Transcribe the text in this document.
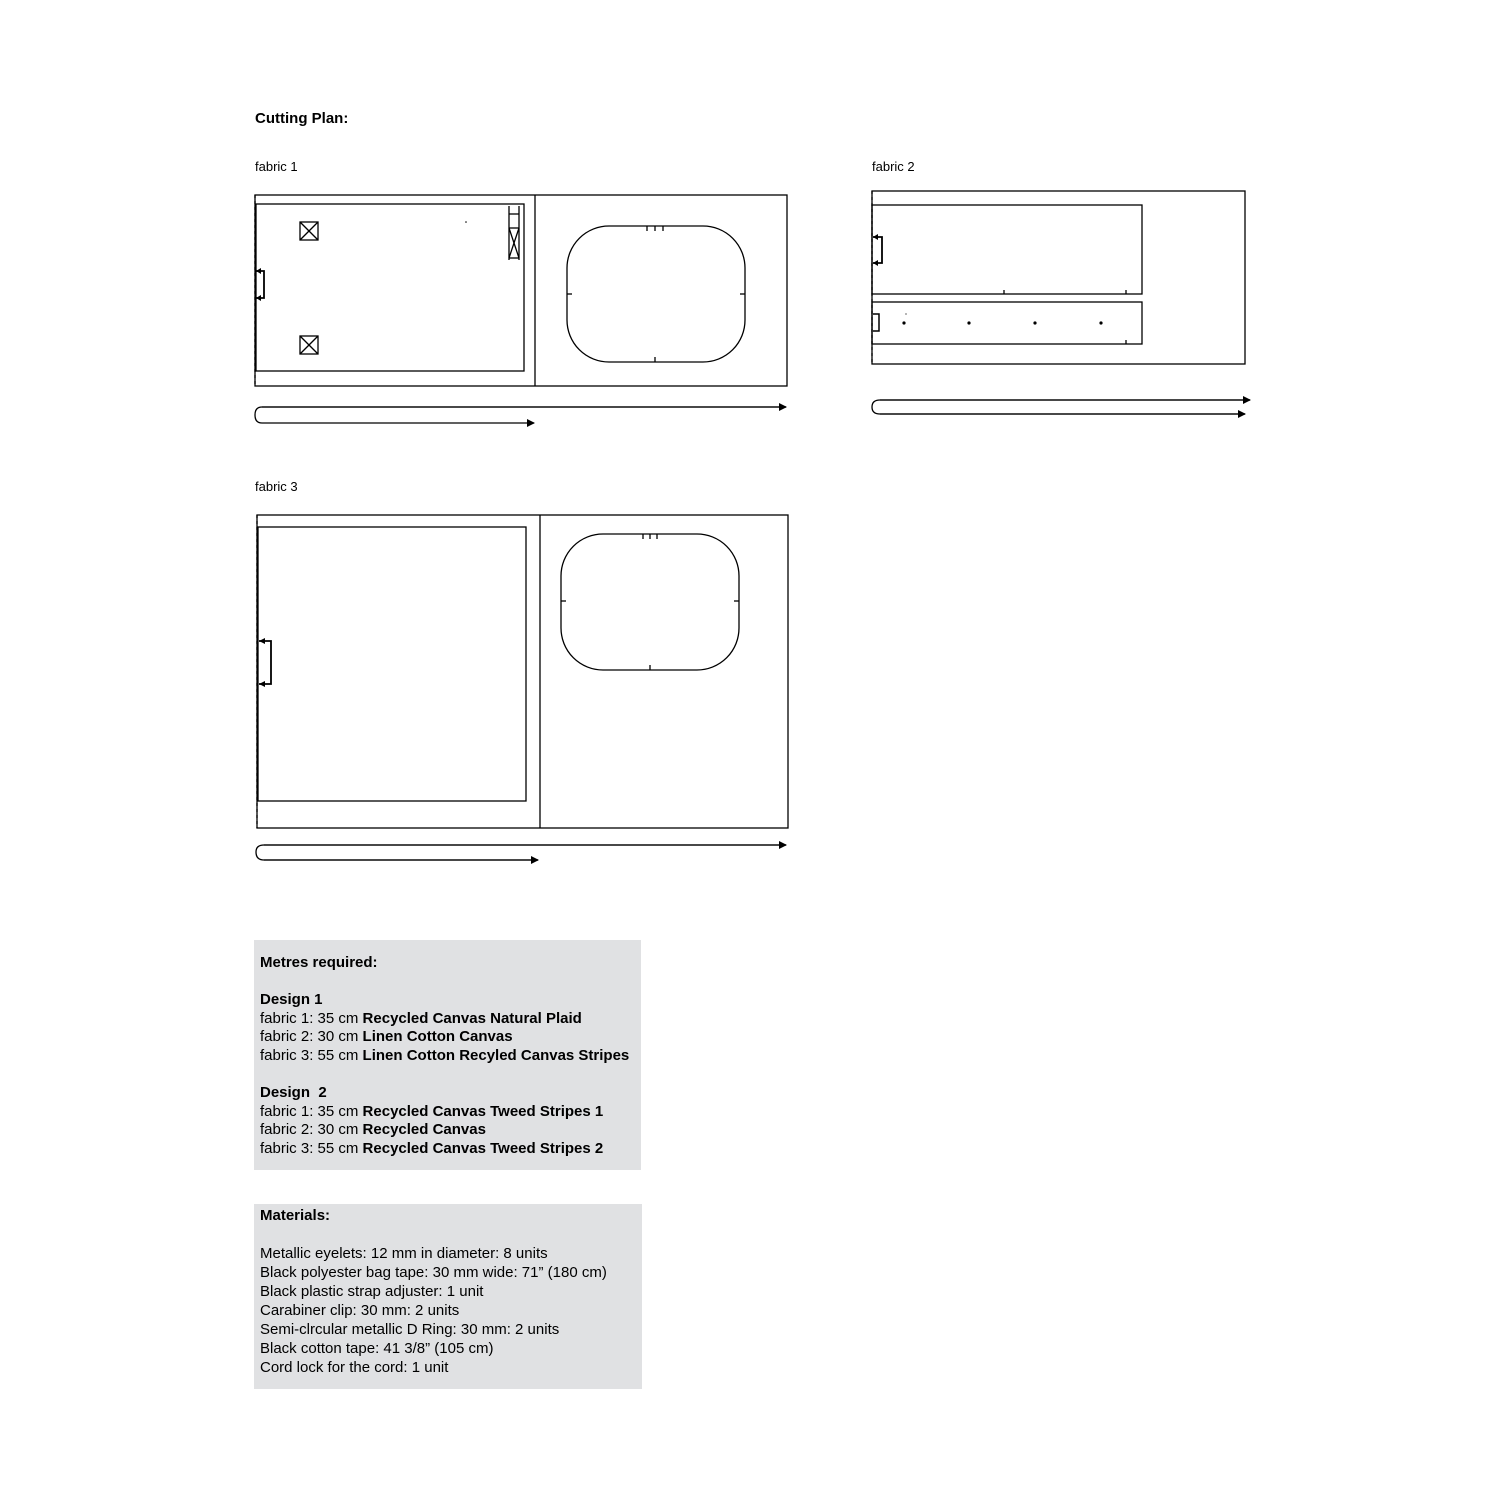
Cutting Plan:
fabric 1	fabric 2
fabric 3
Metres required:
Design 1
fabric 1: 35 cm Recycled Canvas Natural Plaid
fabric 2: 30 cm Linen Cotton Canvas
fabric 3: 55 cm Linen Cotton Recyled Canvas Stripes
Design  2
fabric 1: 35 cm Recycled Canvas Tweed Stripes 1
fabric 2: 30 cm Recycled Canvas
fabric 3: 55 cm Recycled Canvas Tweed Stripes 2
Materials:
Metallic eyelets: 12 mm in diameter: 8 units
Black polyester bag tape: 30 mm wide: 71” (180 cm)
Black plastic strap adjuster: 1 unit
Carabiner clip: 30 mm: 2 units
Semi-clrcular metallic D Ring: 30 mm: 2 units
Black cotton tape: 41 3/8” (105 cm)
Cord lock for the cord: 1 unit
